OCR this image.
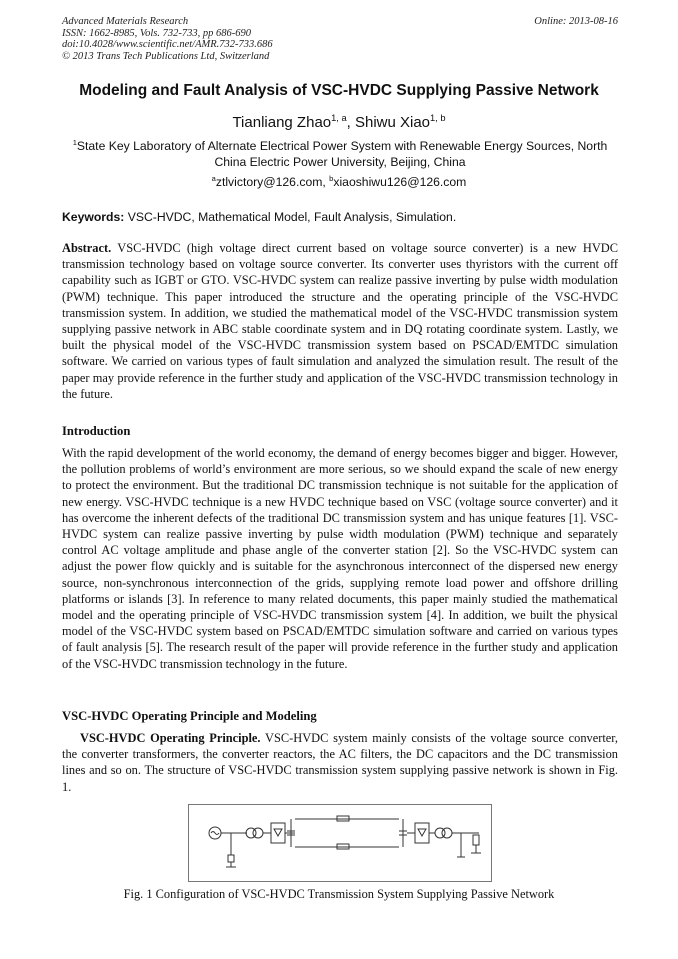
Advanced Materials Research
ISSN: 1662-8985, Vols. 732-733, pp 686-690
doi:10.4028/www.scientific.net/AMR.732-733.686
© 2013 Trans Tech Publications Ltd, Switzerland
Online: 2013-08-16
Modeling and Fault Analysis of VSC-HVDC Supplying Passive Network
Tianliang Zhao$^{1, a}$, Shiwu Xiao$^{1, b}$
$^1$State Key Laboratory of Alternate Electrical Power System with Renewable Energy Sources, North China Electric Power University, Beijing, China
$^a$ztlvictory@126.com, $^b$xiaoshiwu126@126.com
Keywords: VSC-HVDC, Mathematical Model, Fault Analysis, Simulation.

Abstract. VSC-HVDC (high voltage direct current based on voltage source converter) is a new HVDC transmission technology based on voltage source converter. Its converter uses thyristors with the current off capability such as IGBT or GTO. VSC-HVDC system can realize passive inverting by pulse width modulation (PWM) technique. This paper introduced the structure and the operating principle of the VSC-HVDC transmission system. In addition, we studied the mathematical model of the VSC-HVDC transmission system supplying passive network in ABC stable coordinate system and in DQ rotating coordinate system. Lastly, we built the physical model of the VSC-HVDC transmission system based on PSCAD/EMTDC simulation software. We carried on various types of fault simulation and analyzed the simulation result. The result of the paper may provide reference in the further study and application of the VSC-HVDC transmission technology in the future.

Introduction

With the rapid development of the world economy, the demand of energy becomes bigger and bigger. However, the pollution problems of world’s environment are more serious, so we should expand the scale of new energy to protect the environment. But the traditional DC transmission technique is not suitable for the application of new energy. VSC-HVDC technique is a new HVDC technique based on VSC (voltage source converter) and it has overcome the inherent defects of the traditional DC transmission system and has unique features [1]. VSC-HVDC system can realize passive inverting by pulse width modulation (PWM) technique and separately control AC voltage amplitude and phase angle of the converter station [2]. So the VSC-HVDC system can adjust the power flow quickly and is suitable for the asynchronous interconnect of the dispersed new energy source, non-synchronous interconnection of the grids, supplying remote load power and offshore drilling platforms or islands [3]. In reference to many related documents, this paper mainly studied the mathematical model and the operating principle of VSC-HVDC transmission system [4]. In addition, we built the physical model of the VSC-HVDC system based on PSCAD/EMTDC simulation software and carried on various types of fault analysis [5]. The research result of the paper will provide reference in the further study and application of the VSC-HVDC transmission technology in the future.

VSC-HVDC Operating Principle and Modeling

VSC-HVDC Operating Principle. VSC-HVDC system mainly consists of the voltage source converter, the converter transformers, the converter reactors, the AC filters, the DC capacitors and the DC transmission lines and so on. The structure of VSC-HVDC transmission system supplying passive network is shown in Fig. 1.

Fig. 1 Configuration of VSC-HVDC Transmission System Supplying Passive Network
